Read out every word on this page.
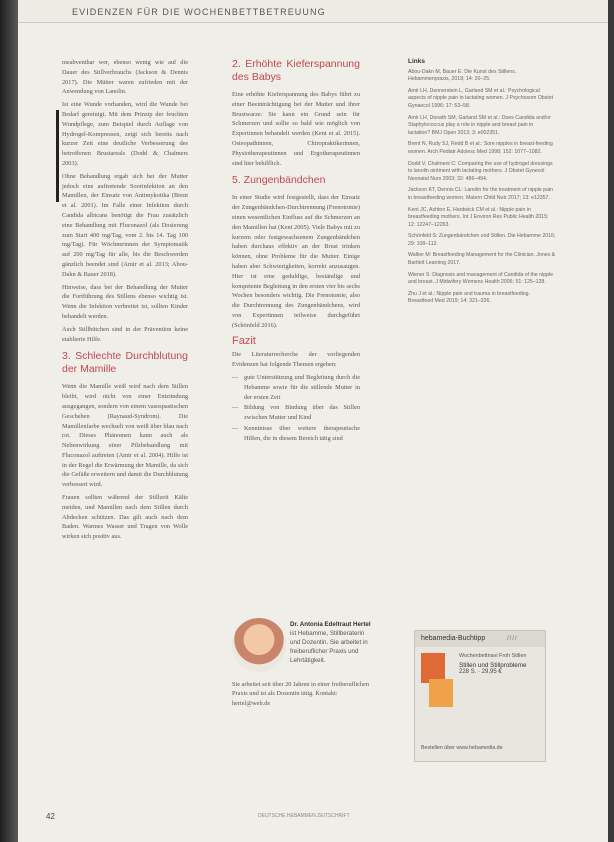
EVIDENZEN FÜR DIE WOCHENBETTBETREUUNG

meabventhar wer, ebenso wenig wie auf die Dauer des Stillverbrauchs (Jackson & Dennis 2017). Die Mütter waren zufrieden mit der Anwendung von Lanolin.

Ist eine Wunde vorhanden, wird die Wunde bei Bedarf gereinigt. Mit dem Prinzip der feuchten Wundpflege, zum Beispiel durch Auflage von Hydrogel-Kompressen, zeigt sich bereits nach kurzer Zeit eine deutliche Verbesserung des betroffenen Brustareals (Dodd & Chalmers 2003).

Ohne Behandlung ergab sich bei der Mutter jedoch eine auftretende Soorinfektion an den Mamillen, der Einsatz von Antimykotika (Brent et al. 2001). Im Falle einer Infektion durch Candida albicans benötigt die Frau zusätzlich eine Behandlung mit Fluconazol (als Dosierung zum Start 400 mg/Tag, vom 2. bis 14. Tag 100 mg/Tag). Für Wöchnerinnen der Symptomatik auf 200 mg/Tag für alle, bis die Beschwerden gänzlich beendet sind (Amir et al. 2013; Abou-Dakn & Bauer 2018).

Hinweise, dass bei der Behandlung der Mutter die Fortführung des Stillens ebenso wichtig ist. Wenn die Infektion verbreitet ist, sollten Kinder behandelt werden.

Auch Stillhütchen sind in der Prävention keine etablierte Hilfe.

3. Schlechte Durchblutung der Mamille

Wenn die Mamille weiß wird nach dem Stillen bleibt, wird nicht von einer Entzündung ausgegangen, sondern von einem vasospastischen Geschehen (Raynaud-Syndrom). Die Mamillenfarbe wechselt von weiß über blau nach rot. Dieses Phänomen kann auch als Nebenwirkung einer Pilzbehandlung mit Fluconazol auftreten (Amir et al. 2004). Hilfe ist in der Regel die Erwärmung der Mamille, da sich die Gefäße erweitern und damit die Durchblutung verbessert wird.

Frauen sollten während der Stillzeit Kälte meiden, und Mamillen nach dem Stillen durch Abdecken schützen. Das gilt auch nach dem Baden. Warmes Wasser und Tragen von Wolle wirken sich positiv aus.

2. Erhöhte Kieferspannung des Babys

Eine erhöhte Kieferspannung des Babys führt zu einer Beeinträchtigung bei der Mutter und ihrer Brustwarze. Sie kann ein Grund sein für Schmerzen und sollte so bald wie möglich von Expertinnen behandelt werden (Kent et al. 2015). Osteopathinnen, Chiropraktikerinnen, Physiotherapeutinnen und Ergotherapeutinnen sind hier behilflich.

5. Zungenbändchen

In einer Studie wird festgestellt, dass der Einsatz der Zungenbändchen-Durchtrennung (Frenotomie) einen wesentlichen Einfluss auf die Schmerzen an den Mamillen hat (Kent 2005). Viele Babys mit zu kurzem oder festgewachsenem Zungenbändchen haben durchaus effektiv an der Brust trinken können, ohne Probleme für die Mutter. Einige haben aber Schwierigkeiten, korrekt anzusaugen. Hier ist eine geduldige, beständige und kompetente Begleitung in den ersten vier bis sechs Wochen besonders wichtig. Die Frenotomie, also die Durchtrennung des Zungenbändchens, wird von Expertinnen teilweise durchgeführt (Schönfeld 2016).

Fazit

Die Literaturrecherche der vorliegenden Evidenzen hat folgende Themen ergeben:

— gute Unterstützung und Begleitung durch die Hebamme sowie für die stillende Mutter in der ersten Zeit
— Bildung von Bindung über das Stillen zwischen Mutter und Kind
— Kenntnisse über weitere therapeutische Hilfen, die in diesem Bereich tätig sind
Dr. Antonia Edeltraut Hertel ist Hebamme, Stillberaterin und Dozentin. Sie arbeitet in freiberuflicher Praxis und Lehrtätigkeit.
Sie arbeitet seit über 20 Jahren in einer freiberuflichen Praxis und ist als Dozentin tätig. Kontakt: hertel@web.de
Links

Abou-Dakn M, Bauer E: Die Kunst des Stillens. Hebammenpraxis, 2018; 14: 20–25.

Amir LH, Dennerstein L, Garland SM et al.: Psychological aspects of nipple pain in lactating women. J Psychosom Obstet Gynaecol 1996; 17: 53–58.

Amir LH, Donath SM, Garland SM et al.: Does Candida and/or Staphylococcus play a role in nipple and breast pain in lactation? BMJ Open 2013; 3: e002351.

Brent N, Rudy SJ, Redd B et al.: Sore nipples in breast-feeding women. Arch Pediatr Adolesc Med 1998; 152: 1077–1082.

Dodd V, Chalmers C: Comparing the use of hydrogel dressings to lanolin ointment with lactating mothers. J Obstet Gynecol Neonatal Nurs 2003; 32: 486–494.

Jackson KT, Dennis CL: Lanolin for the treatment of nipple pain in breastfeeding women. Matern Child Nutr 2017; 13: e12357.

Kent JC, Ashton E, Hardwick CM et al.: Nipple pain in breastfeeding mothers. Int J Environ Res Public Health 2015; 12: 12247–12263.

Schönfeld S: Zungenbändchen und Stillen. Die Hebamme 2016; 29: 108–112.

Walker M: Breastfeeding Management for the Clinician. Jones & Bartlett Learning 2017.

Wiener S: Diagnosis and management of Candida of the nipple and breast. J Midwifery Womens Health 2006; 51: 125–128.

Zhu J et al.: Nipple pain and trauma in breastfeeding. Breastfeed Med 2019; 14: 321–326.

hebamedia-Buchtipp	////
Wochenbettnavi Froh Stillen
Stillen und Stillprobleme
228 S. · 29,95 €
Bestellen über www.hebamedia.de
42	DEUTSCHE HEBAMMEN ZEITSCHRIFT
